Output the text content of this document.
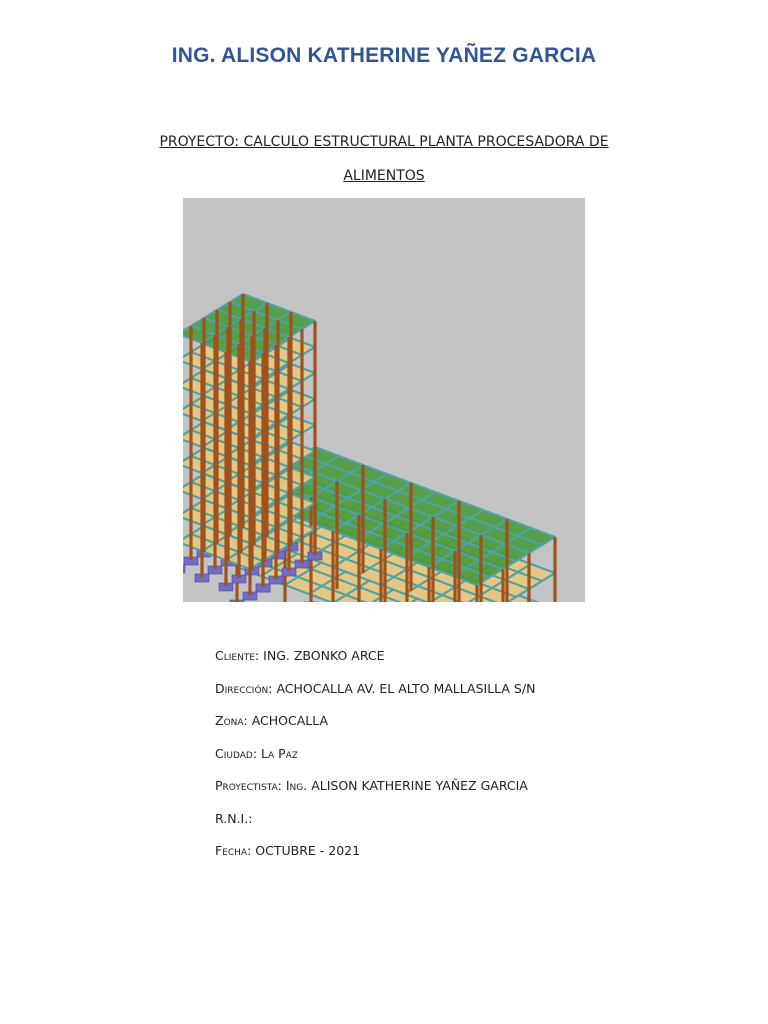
ING. ALISON KATHERINE YAÑEZ GARCIA
PROYECTO: CALCULO ESTRUCTURAL PLANTA PROCESADORA DE
ALIMENTOS
Cliente: ING. ZBONKO ARCE
Dirección: ACHOCALLA AV. EL ALTO MALLASILLA S/N
Zona: ACHOCALLA
Ciudad: La Paz
Proyectista: Ing. ALISON KATHERINE YAÑEZ GARCIA
R.N.I.:
Fecha: OCTUBRE - 2021
